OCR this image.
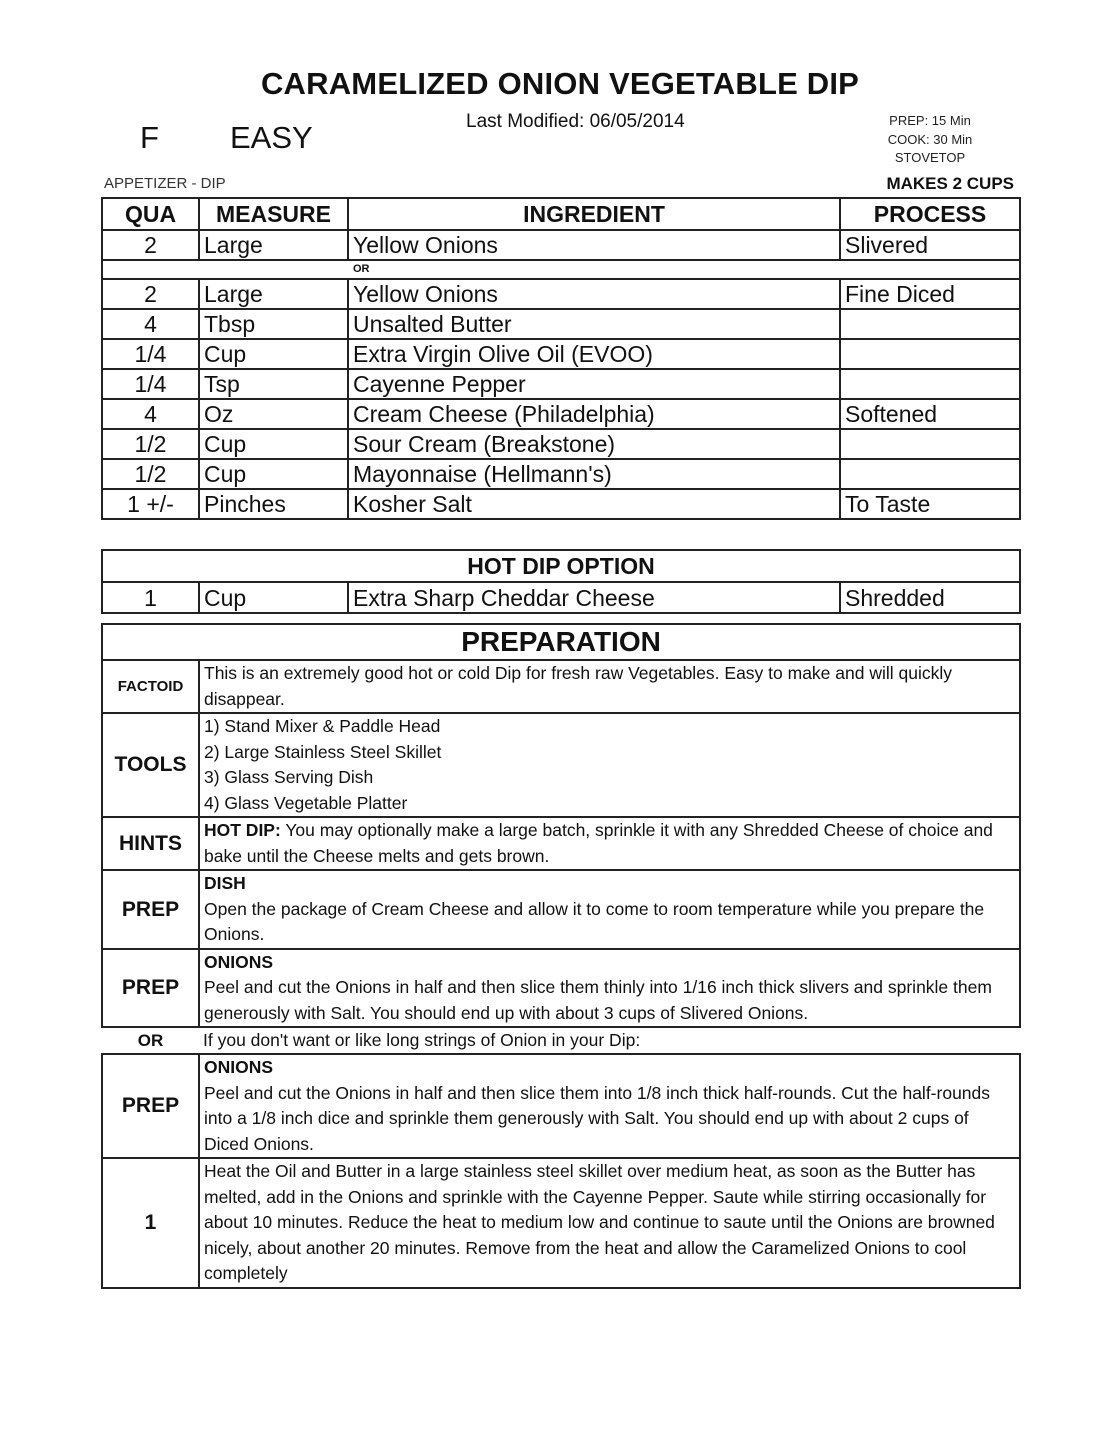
CARAMELIZED ONION VEGETABLE DIP
F EASY	Last Modified: 06/05/2014	PREP: 15 Min
COOK: 30 Min
STOVETOP
APPETIZER - DIP	MAKES 2 CUPS
QUA	MEASURE	INGREDIENT	PROCESS
2	Large	Yellow Onions	Slivered
OR			
2	Large	Yellow Onions	Fine Diced
4	Tbsp	Unsalted Butter	
1/4	Cup	Extra Virgin Olive Oil (EVOO)	
1/4	Tsp	Cayenne Pepper	
4	Oz	Cream Cheese (Philadelphia)	Softened
1/2	Cup	Sour Cream (Breakstone)	
1/2	Cup	Mayonnaise (Hellmann's)	
1 +/-	Pinches	Kosher Salt	To Taste
HOT DIP OPTION
1	Cup	Extra Sharp Cheddar Cheese	Shredded
PREPARATION	
FACTOID	This is an extremely good hot or cold Dip for fresh raw Vegetables. Easy to make and will quickly disappear.
TOOLS	1) Stand Mixer & Paddle Head
2) Large Stainless Steel Skillet
3) Glass Serving Dish
4) Glass Vegetable Platter

HINTS	HOT DIP: You may optionally make a large batch, sprinkle it with any Shredded Cheese of choice and bake until the Cheese melts and gets brown.
PREP	DISH
Open the package of Cream Cheese and allow it to come to room temperature while you prepare the Onions.
PREP	ONIONS
Peel and cut the Onions in half and then slice them thinly into 1/16 inch thick slivers and sprinkle them generously with Salt. You should end up with about 3 cups of Slivered Onions.
OR	If you don't want or like long strings of Onion in your Dip:
PREP	ONIONS
Peel and cut the Onions in half and then slice them into 1/8 inch thick half-rounds. Cut the half-rounds into a 1/8 inch dice and sprinkle them generously with Salt. You should end up with about 2 cups of Diced Onions.
1	Heat the Oil and Butter in a large stainless steel skillet over medium heat, as soon as the Butter has melted, add in the Onions and sprinkle with the Cayenne Pepper. Saute while stirring occasionally for about 10 minutes. Reduce the heat to medium low and continue to saute until the Onions are browned nicely, about another 20 minutes. Remove from the heat and allow the Caramelized Onions to cool completely
